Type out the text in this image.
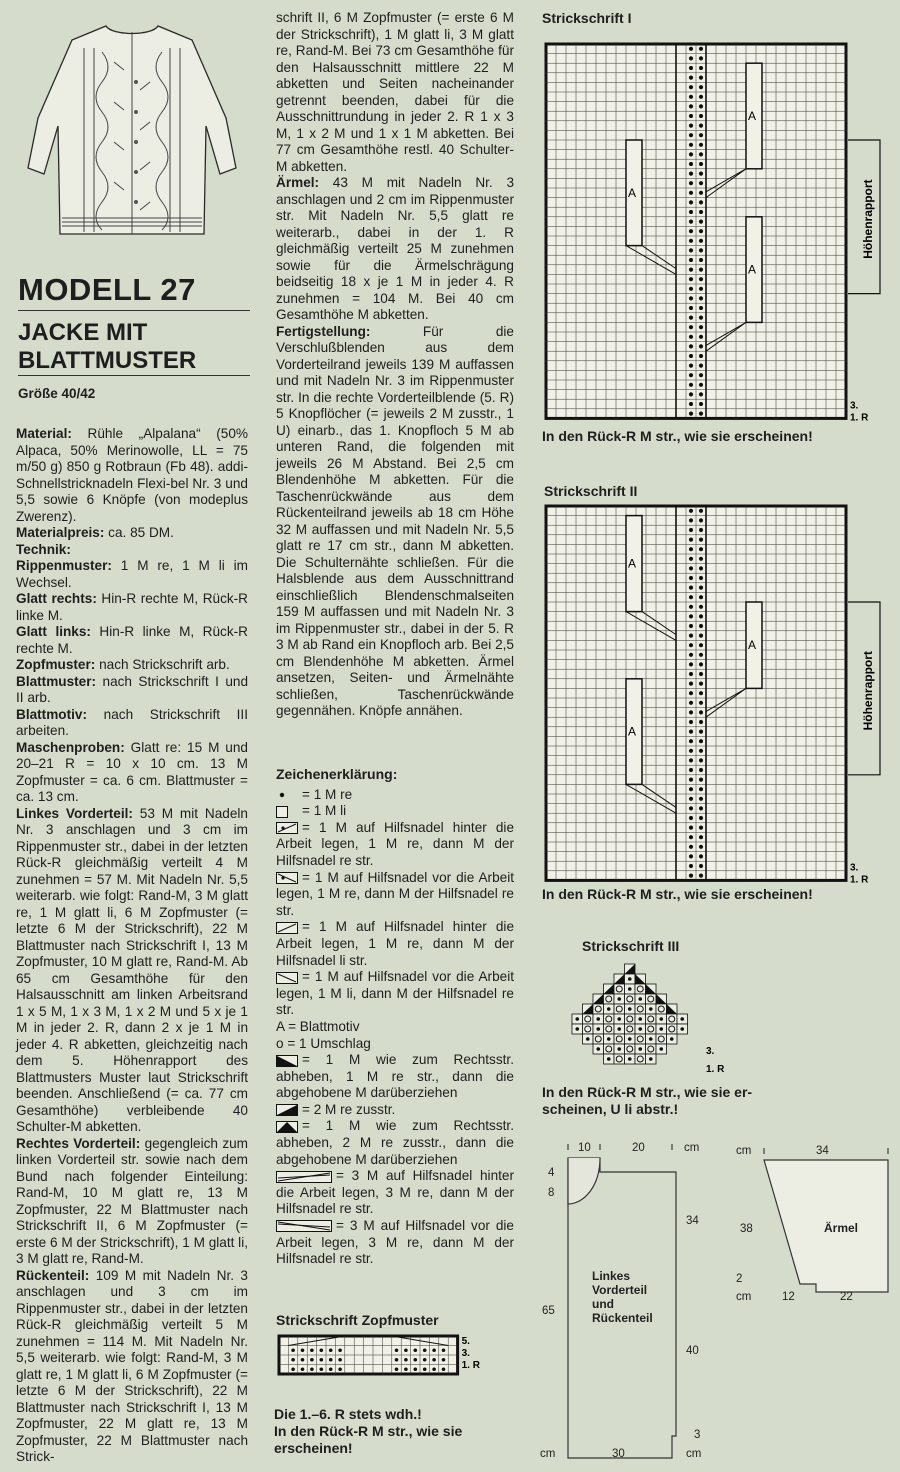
MODELL 27
JACKE MIT
BLATTMUSTER
Größe 40/42

Material: Rühle „Alpalana“ (50% Alpaca, 50% Merinowolle, LL = 75 m/50 g) 850 g Rotbraun (Fb 48). addi-Schnellstricknadeln Flexi-bel Nr. 3 und 5,5 sowie 6 Knöpfe (von modeplus Zwerenz).

Materialpreis: ca. 85 DM.

Technik:

Rippenmuster: 1 M re, 1 M li im Wechsel.

Glatt rechts: Hin-R rechte M, Rück-R linke M.

Glatt links: Hin-R linke M, Rück-R rechte M.

Zopfmuster: nach Strickschrift arb.

Blattmuster: nach Strickschrift I und II arb.

Blattmotiv: nach Strickschrift III arbeiten.

Maschenproben: Glatt re: 15 M und 20–21 R = 10 x 10 cm. 13 M Zopfmuster = ca. 6 cm. Blattmuster = ca. 13 cm.

Linkes Vorderteil: 53 M mit Nadeln Nr. 3 anschlagen und 3 cm im Rippenmuster str., dabei in der letzten Rück-R gleichmäßig verteilt 4 M zunehmen = 57 M. Mit Nadeln Nr. 5,5 weiterarb. wie folgt: Rand-M, 3 M glatt re, 1 M glatt li, 6 M Zopfmuster (= letzte 6 M der Strickschrift), 22 M Blattmuster nach Strickschrift I, 13 M Zopfmuster, 10 M glatt re, Rand-M. Ab 65 cm Gesamthöhe für den Halsausschnitt am linken Arbeitsrand 1 x 5 M, 1 x 3 M, 1 x 2 M und 5 x je 1 M in jeder 2. R, dann 2 x je 1 M in jeder 4. R abketten, gleichzeitig nach dem 5. Höhenrapport des Blattmusters Muster laut Strickschrift beenden. Anschließend (= ca. 77 cm Gesamthöhe) verbleibende 40 Schulter-M abketten.

Rechtes Vorderteil: gegengleich zum linken Vorderteil str. sowie nach dem Bund nach folgender Einteilung: Rand-M, 10 M glatt re, 13 M Zopfmuster, 22 M Blattmuster nach Strickschrift II, 6 M Zopfmuster (= erste 6 M der Strickschrift), 1 M glatt li, 3 M glatt re, Rand-M.

Rückenteil: 109 M mit Nadeln Nr. 3 anschlagen und 3 cm im Rippenmuster str., dabei in der letzten Rück-R gleichmäßig verteilt 5 M zunehmen = 114 M. Mit Nadeln Nr. 5,5 weiterarb. wie folgt: Rand-M, 3 M glatt re, 1 M glatt li, 6 M Zopfmuster (= letzte 6 M der Strickschrift), 22 M Blattmuster nach Strickschrift I, 13 M Zopfmuster, 22 M glatt re, 13 M Zopfmuster, 22 M Blattmuster nach Strick-

schrift II, 6 M Zopfmuster (= erste 6 M der Strickschrift), 1 M glatt li, 3 M glatt re, Rand-M. Bei 73 cm Gesamthöhe für den Halsausschnitt mittlere 22 M abketten und Seiten nacheinander getrennt beenden, dabei für die Ausschnittrundung in jeder 2. R 1 x 3 M, 1 x 2 M und 1 x 1 M abketten. Bei 77 cm Gesamthöhe restl. 40 Schulter-M abketten.

Ärmel: 43 M mit Nadeln Nr. 3 anschlagen und 2 cm im Rippenmuster str. Mit Nadeln Nr. 5,5 glatt re weiterarb., dabei in der 1. R gleichmäßig verteilt 25 M zunehmen sowie für die Ärmelschrägung beidseitig 18 x je 1 M in jeder 4. R zunehmen = 104 M. Bei 40 cm Gesamthöhe M abketten.

Fertigstellung: Für die Verschlußblenden aus dem Vorderteilrand jeweils 139 M auffassen und mit Nadeln Nr. 3 im Rippenmuster str. In die rechte Vorderteilblende (5. R) 5 Knopflöcher (= jeweils 2 M zusstr., 1 U) einarb., das 1. Knopfloch 5 M ab unteren Rand, die folgenden mit jeweils 26 M Abstand. Bei 2,5 cm Blendenhöhe M abketten. Für die Taschenrückwände aus dem Rückenteilrand jeweils ab 18 cm Höhe 32 M auffassen und mit Nadeln Nr. 5,5 glatt re 17 cm str., dann M abketten. Die Schulternähte schließen. Für die Halsblende aus dem Ausschnittrand einschließlich Blendenschmalseiten 159 M auffassen und mit Nadeln Nr. 3 im Rippenmuster str., dabei in der 5. R 3 M ab Rand ein Knopfloch arb. Bei 2,5 cm Blendenhöhe M abketten. Ärmel ansetzen, Seiten- und Ärmelnähte schließen, Taschenrückwände gegennähen. Knöpfe annähen.

Zeichenerklärung:
= 1 M re
= 1 M li
= 1 M auf Hilfsnadel hinter die Arbeit legen, 1 M re, dann M der Hilfsnadel re str.
= 1 M auf Hilfsnadel vor die Arbeit legen, 1 M re, dann M der Hilfsnadel re str.
= 1 M auf Hilfsnadel hinter die Arbeit legen, 1 M re, dann M der Hilfsnadel li str.
= 1 M auf Hilfsnadel vor die Arbeit legen, 1 M li, dann M der Hilfsnadel re str.
A = Blattmotiv
o = 1 Umschlag
= 1 M wie zum Rechtsstr. abheben, 1 M re str., dann die abgehobene M darüberziehen
= 2 M re zusstr.
= 1 M wie zum Rechtsstr. abheben, 2 M re zusstr., dann die abgehobene M darüberziehen
= 3 M auf Hilfsnadel hinter die Arbeit legen, 3 M re, dann M der Hilfsnadel re str.
= 3 M auf Hilfsnadel vor die Arbeit legen, 3 M re, dann M der Hilfsnadel re str.
Strickschrift Zopfmuster
5.
3.
1. R
Die 1.–6. R stets wdh.!
In den Rück-R M str., wie sie erscheinen!
Strickschrift I
A
A
A
Höhenrapport
3.
1. R
In den Rück-R M str., wie sie erscheinen!
Strickschrift II
A
A
A
Höhenrapport
3.
1. R
In den Rück-R M str., wie sie erscheinen!
Strickschrift III
3.
1. R
In den Rück-R M str., wie sie er-
scheinen, U li abstr.!
10	20	cm
4
8
65
34
40
3
cm	30	cm
Linkes
Vorderteil
und
Rückenteil
cm	34
38
2
cm	12	22
Ärmel
